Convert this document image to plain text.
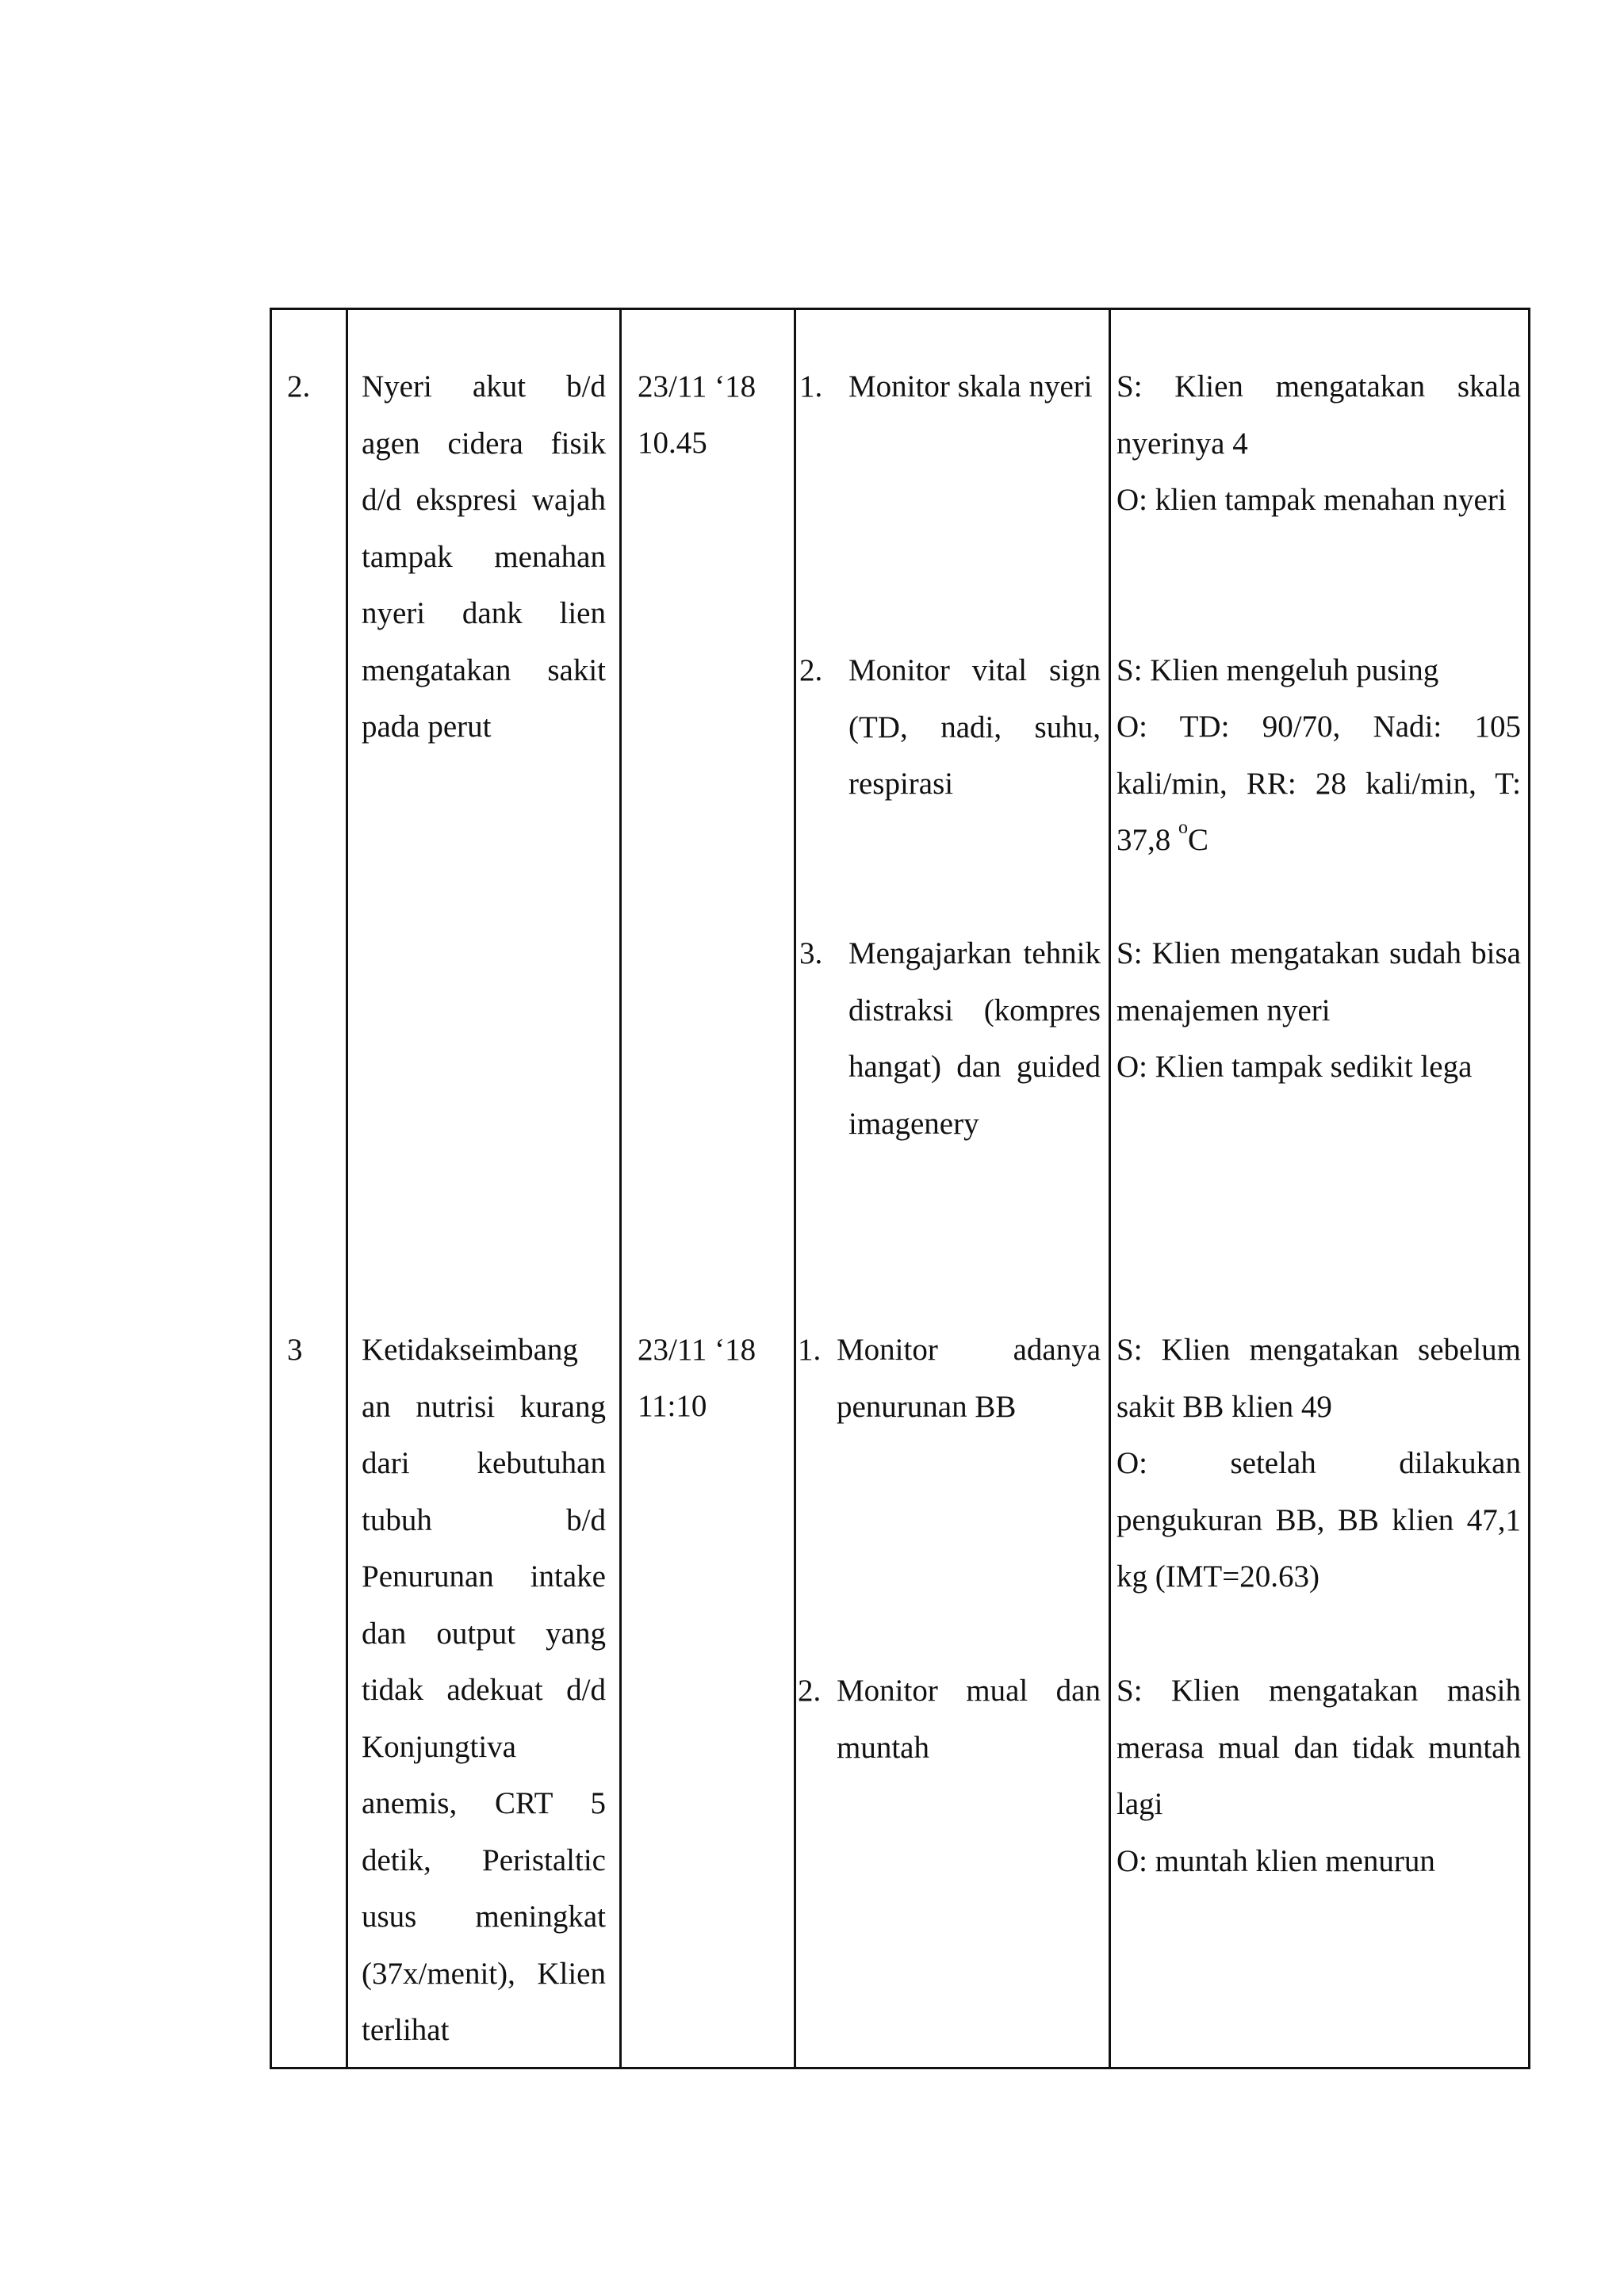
2. Nyeri akut b/d agen cidera fisik d/d ekspresi wajah tampak menahan nyeri dank lien mengatakan sakit pada perut
23/11 ‘18
10.45
1. Monitor skala nyeri S: Klien mengatakan skala nyerinya 4
O: klien tampak menahan nyeri
2. Monitor vital sign (TD, nadi, suhu, respirasi
S: Klien mengeluh pusing
O: TD: 90/70, Nadi: 105 kali/min, RR: 28 kali/min, T: 37,8 $^o$C
3. Mengajarkan tehnik distraksi (kompres hangat) dan guided imagenery
S: Klien mengatakan sudah bisa menajemen nyeri
O: Klien tampak sedikit lega
3 Ketidakseimbang an nutrisi kurang dari kebutuhan tubuh b/d Penurunan intake dan output yang tidak adekuat d/d Konjungtiva anemis, CRT 5 detik, Peristaltic usus meningkat (37x/menit), Klien terlihat
23/11 ‘18
11:10
1. Monitor adanya penurunan BB
S: Klien mengatakan sebelum sakit BB klien 49
O: setelah dilakukan pengukuran BB, BB klien 47,1 kg (IMT=20.63)
2. Monitor mual dan muntah
S: Klien mengatakan masih merasa mual dan tidak muntah lagi
O: muntah klien menurun
